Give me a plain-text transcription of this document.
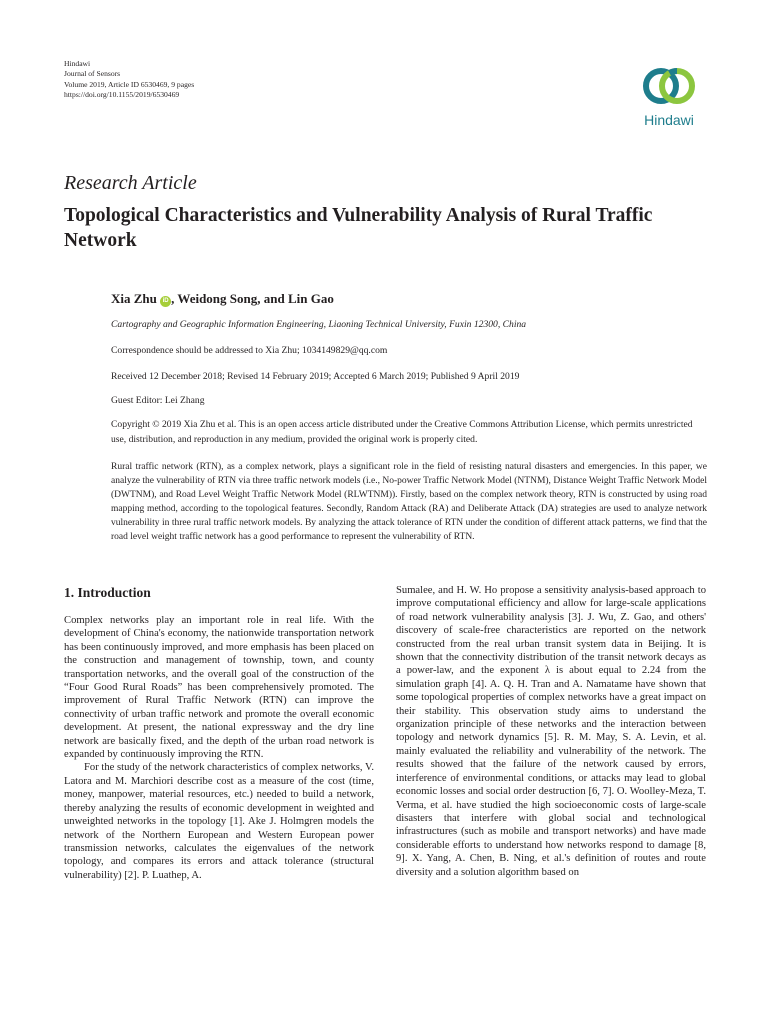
Hindawi
Journal of Sensors
Volume 2019, Article ID 6530469, 9 pages
https://doi.org/10.1155/2019/6530469
Hindawi
Research Article
Topological Characteristics and Vulnerability Analysis of Rural Traffic Network
Xia Zhu iD , Weidong Song, and Lin Gao
Cartography and Geographic Information Engineering, Liaoning Technical University, Fuxin 12300, China
Correspondence should be addressed to Xia Zhu; 1034149829@qq.com
Received 12 December 2018; Revised 14 February 2019; Accepted 6 March 2019; Published 9 April 2019
Guest Editor: Lei Zhang
Copyright © 2019 Xia Zhu et al. This is an open access article distributed under the Creative Commons Attribution License, which permits unrestricted use, distribution, and reproduction in any medium, provided the original work is properly cited.
Rural traffic network (RTN), as a complex network, plays a significant role in the field of resisting natural disasters and emergencies. In this paper, we analyze the vulnerability of RTN via three traffic network models (i.e., No-power Traffic Network Model (NTNM), Distance Weight Traffic Network Model (DWTNM), and Road Level Weight Traffic Network Model (RLWTNM)). Firstly, based on the complex network theory, RTN is constructed by using road mapping method, according to the topological features. Secondly, Random Attack (RA) and Deliberate Attack (DA) strategies are used to analyze network vulnerability in three rural traffic network models. By analyzing the attack tolerance of RTN under the condition of different attack patterns, we find that the road level weight traffic network has a good performance to represent the vulnerability of RTN.
1. Introduction

Complex networks play an important role in real life. With the development of China's economy, the nationwide transportation network has been continuously improved, and more emphasis has been placed on the construction and management of township, town, and county transportation networks, and the overall goal of the construction of the “Four Good Rural Roads” has been comprehensively promoted. The improvement of Rural Traffic Network (RTN) can improve the connectivity of urban traffic network and promote the overall economic development. At present, the national expressway and the dry line network are basically fixed, and the depth of the urban road network is expanded by continuously improving the RTN.

For the study of the network characteristics of complex networks, V. Latora and M. Marchiori describe cost as a measure of the cost (time, money, manpower, material resources, etc.) needed to build a network, thereby analyzing the results of economic development in weighted and unweighted networks in the topology [1]. Ake J. Holmgren models the network of the Northern European and Western European power transmission networks, calculates the eigenvalues of the network topology, and compares its errors and attack tolerance (structural vulnerability) [2]. P. Luathep, A.

Sumalee, and H. W. Ho propose a sensitivity analysis-based approach to improve computational efficiency and allow for large-scale applications of road network vulnerability analysis [3]. J. Wu, Z. Gao, and others' discovery of scale-free characteristics are reported on the network constructed from the real urban transit system data in Beijing. It is shown that the connectivity distribution of the transit network decays as a power-law, and the exponent λ is about equal to 2.24 from the simulation graph [4]. A. Q. H. Tran and A. Namatame have shown that some topological properties of complex networks have a great impact on their stability. This observation study aims to understand the organization principle of these networks and the interaction between topology and network dynamics [5]. R. M. May, S. A. Levin, et al. mainly evaluated the reliability and vulnerability of the network. The results showed that the failure of the network caused by errors, interference of environmental conditions, or attacks may lead to global economic losses and social order destruction [6, 7]. O. Woolley-Meza, T. Verma, et al. have studied the high socioeconomic costs of large-scale disasters that interfere with global social and technological infrastructures (such as mobile and transport networks) and have made considerable efforts to understand how networks respond to damage [8, 9]. X. Yang, A. Chen, B. Ning, et al.'s definition of routes and route diversity and a solution algorithm based on
